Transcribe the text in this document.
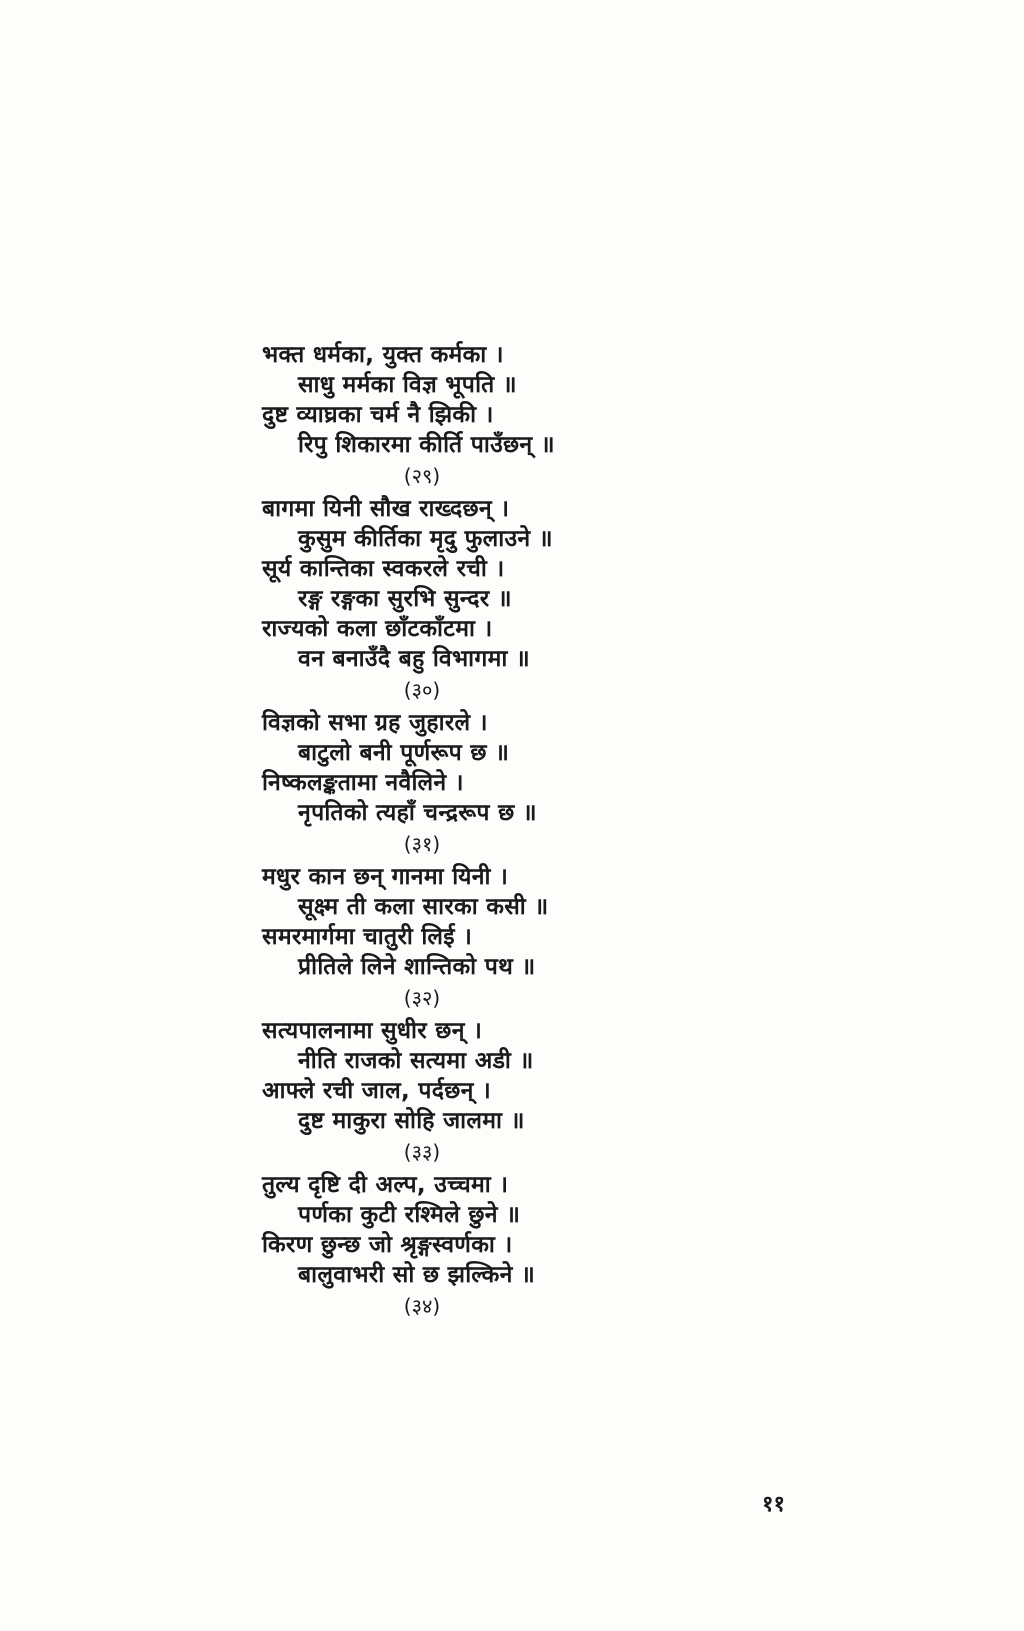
भक्त धर्मका, युक्त कर्मका ।
साधु मर्मका विज्ञ भूपति ॥
दुष्ट व्याघ्रका चर्म नै झिकी ।
रिपु शिकारमा कीर्ति पाउँछन् ॥
(२९)
बागमा यिनी सौख राख्दछन् ।
कुसुम कीर्तिका मृदु फुलाउने ॥
सूर्य कान्तिका स्वकरले रची ।
रङ्ग रङ्गका सुरभि सुन्दर ॥
राज्यको कला छाँटकाँटमा ।
वन बनाउँदै बहु विभागमा ॥
(३०)
विज्ञको सभा ग्रह जुहारले ।
बाटुलो बनी पूर्णरूप छ ॥
निष्कलङ्कतामा नवैलिने ।
नृपतिको त्यहाँ चन्द्ररूप छ ॥
(३१)
मधुर कान छन् गानमा यिनी ।
सूक्ष्म ती कला सारका कसी ॥
समरमार्गमा चातुरी लिई ।
प्रीतिले लिने शान्तिको पथ ॥
(३२)
सत्यपालनामा सुधीर छन् ।
नीति राजको सत्यमा अडी ॥
आफ्ले रची जाल, पर्दछन् ।
दुष्ट माकुरा सोहि जालमा ॥
(३३)
तुल्य दृष्टि दी अल्प, उच्चमा ।
पर्णका कुटी रश्मिले छुने ॥
किरण छुन्छ जो श्रृङ्गस्वर्णका ।
बालुवाभरी सो छ झल्किने ॥
(३४)
११
